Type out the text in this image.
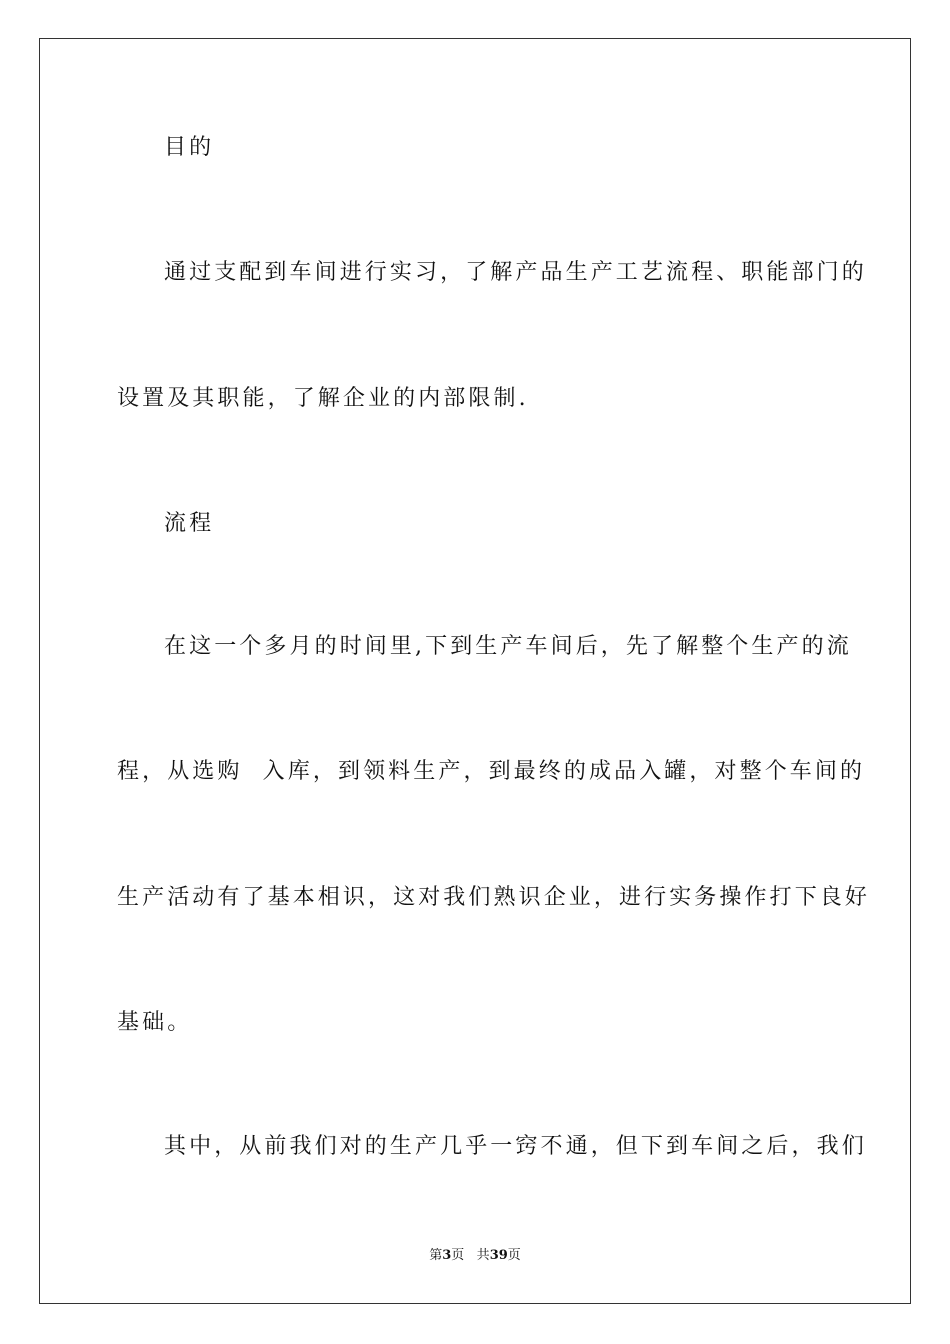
目的
通过支配到车间进行实习，了解产品生产工艺流程、职能部门的
设置及其职能，了解企业的内部限制.
流程
在这一个多月的时间里,下到生产车间后，先了解整个生产的流
程，从选购  入库，到领料生产，到最终的成品入罐，对整个车间的
生产活动有了基本相识，这对我们熟识企业，进行实务操作打下良好
基础。
其中，从前我们对的生产几乎一窍不通，但下到车间之后，我们
第3页 共39页
